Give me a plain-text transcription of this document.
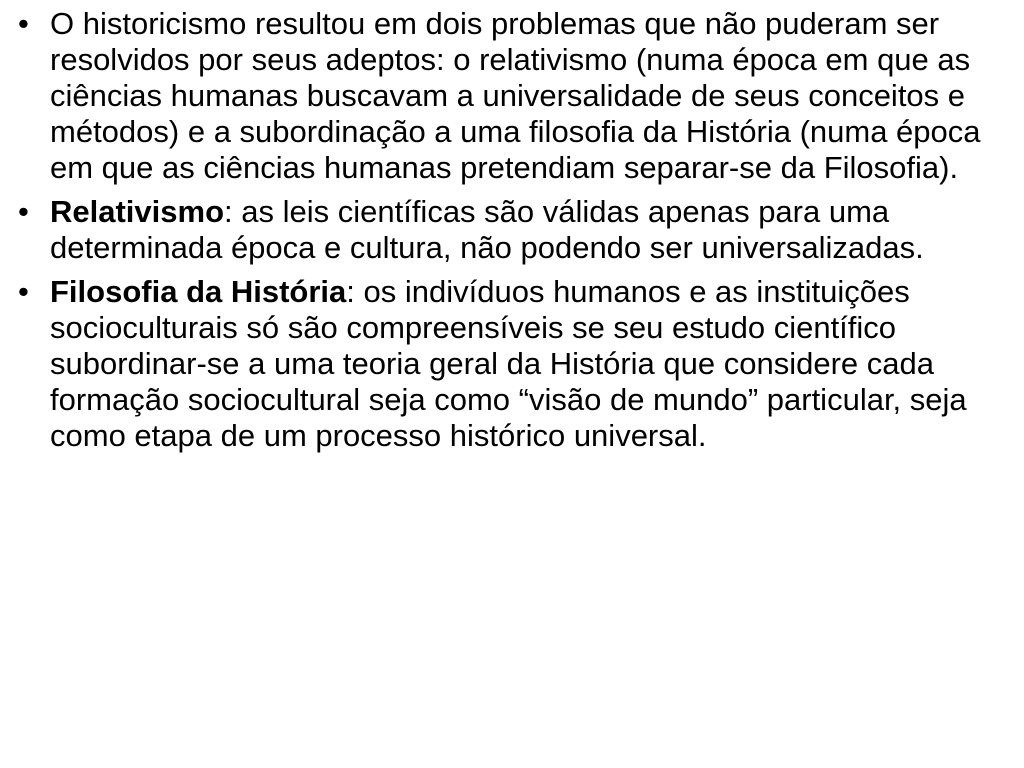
• O historicismo resultou em dois problemas que não puderam ser resolvidos por seus adeptos: o relativismo (numa época em que as ciências humanas buscavam a universalidade de seus conceitos e métodos) e a subordinação a uma filosofia da História (numa época em que as ciências humanas pretendiam separar-se da Filosofia).
• Relativismo: as leis científicas são válidas apenas para uma determinada época e cultura, não podendo ser universalizadas.
• Filosofia da História: os indivíduos humanos e as instituições socioculturais só são compreensíveis se seu estudo científico subordinar-se a uma teoria geral da História que considere cada formação sociocultural seja como “visão de mundo” particular, seja como etapa de um processo histórico universal.
